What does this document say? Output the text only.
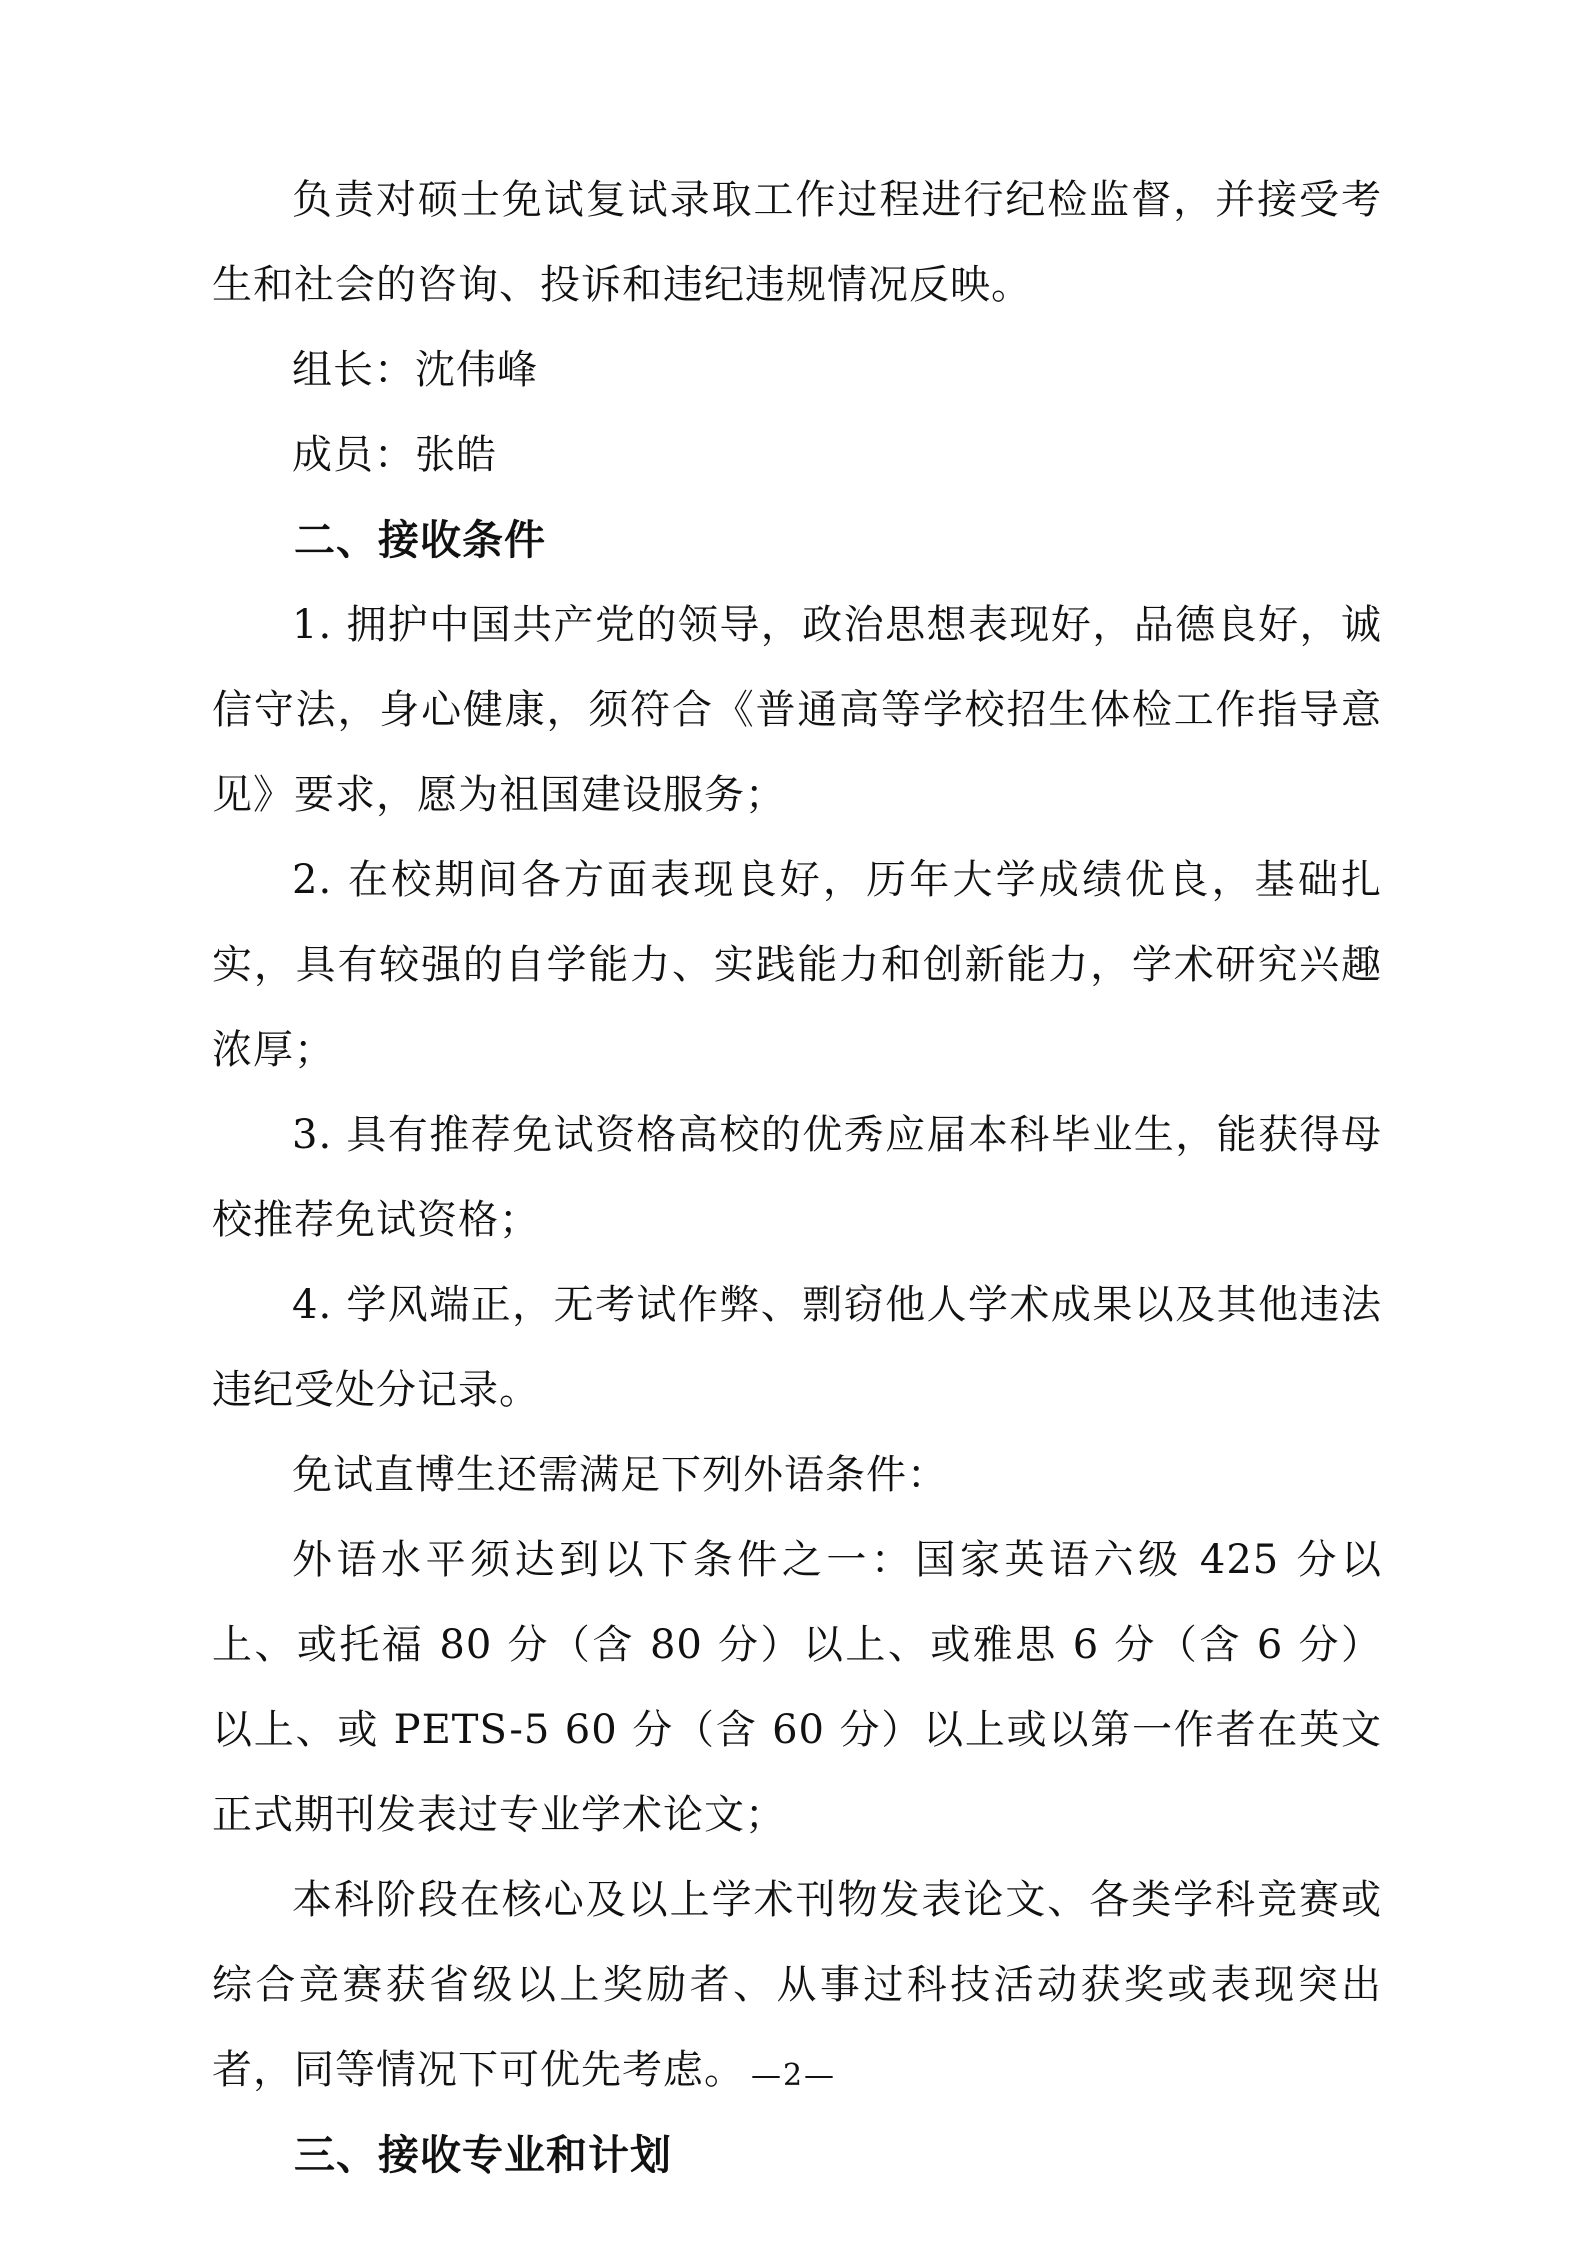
负责对硕士免试复试录取工作过程进行纪检监督，并接受考生和社会的咨询、投诉和违纪违规情况反映。

组长：沈伟峰

成员：张皓

二、接收条件

1. 拥护中国共产党的领导，政治思想表现好，品德良好，诚信守法，身心健康，须符合《普通高等学校招生体检工作指导意见》要求，愿为祖国建设服务；

2. 在校期间各方面表现良好，历年大学成绩优良，基础扎实，具有较强的自学能力、实践能力和创新能力，学术研究兴趣浓厚；

3. 具有推荐免试资格高校的优秀应届本科毕业生，能获得母校推荐免试资格；

4. 学风端正，无考试作弊、剽窃他人学术成果以及其他违法违纪受处分记录。

免试直博生还需满足下列外语条件：

外语水平须达到以下条件之一：国家英语六级 425 分以上、或托福 80 分（含 80 分）以上、或雅思 6 分（含 6 分）以上、或 PETS-5 60 分（含 60 分）以上或以第一作者在英文正式期刊发表过专业学术论文；

本科阶段在核心及以上学术刊物发表论文、各类学科竞赛或综合竞赛获省级以上奖励者、从事过科技活动获奖或表现突出者，同等情况下可优先考虑。

三、接收专业和计划

—2—
